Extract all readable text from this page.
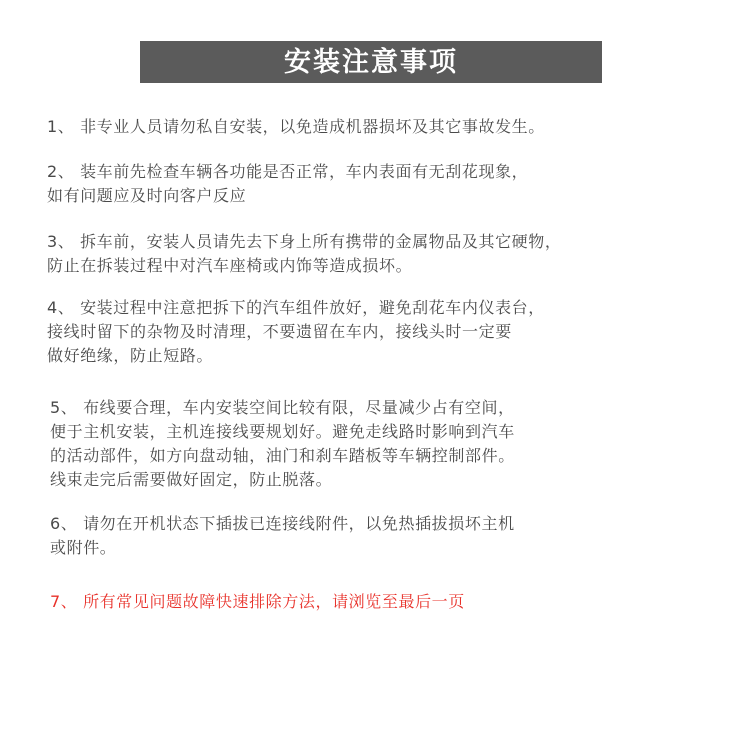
安装注意事项
1、 非专业人员请勿私自安装，以免造成机器损坏及其它事故发生。
2、 装车前先检查车辆各功能是否正常，车内表面有无刮花现象，
如有问题应及时向客户反应
3、 拆车前，安装人员请先去下身上所有携带的金属物品及其它硬物，
防止在拆装过程中对汽车座椅或内饰等造成损坏。
4、 安装过程中注意把拆下的汽车组件放好，避免刮花车内仪表台，
接线时留下的杂物及时清理，不要遗留在车内，接线头时一定要
做好绝缘，防止短路。
5、 布线要合理，车内安装空间比较有限，尽量减少占有空间，
便于主机安装，主机连接线要规划好。避免走线路时影响到汽车
的活动部件，如方向盘动轴，油门和刹车踏板等车辆控制部件。
线束走完后需要做好固定，防止脱落。
6、 请勿在开机状态下插拔已连接线附件，以免热插拔损坏主机
或附件。
7、 所有常见问题故障快速排除方法，请浏览至最后一页
